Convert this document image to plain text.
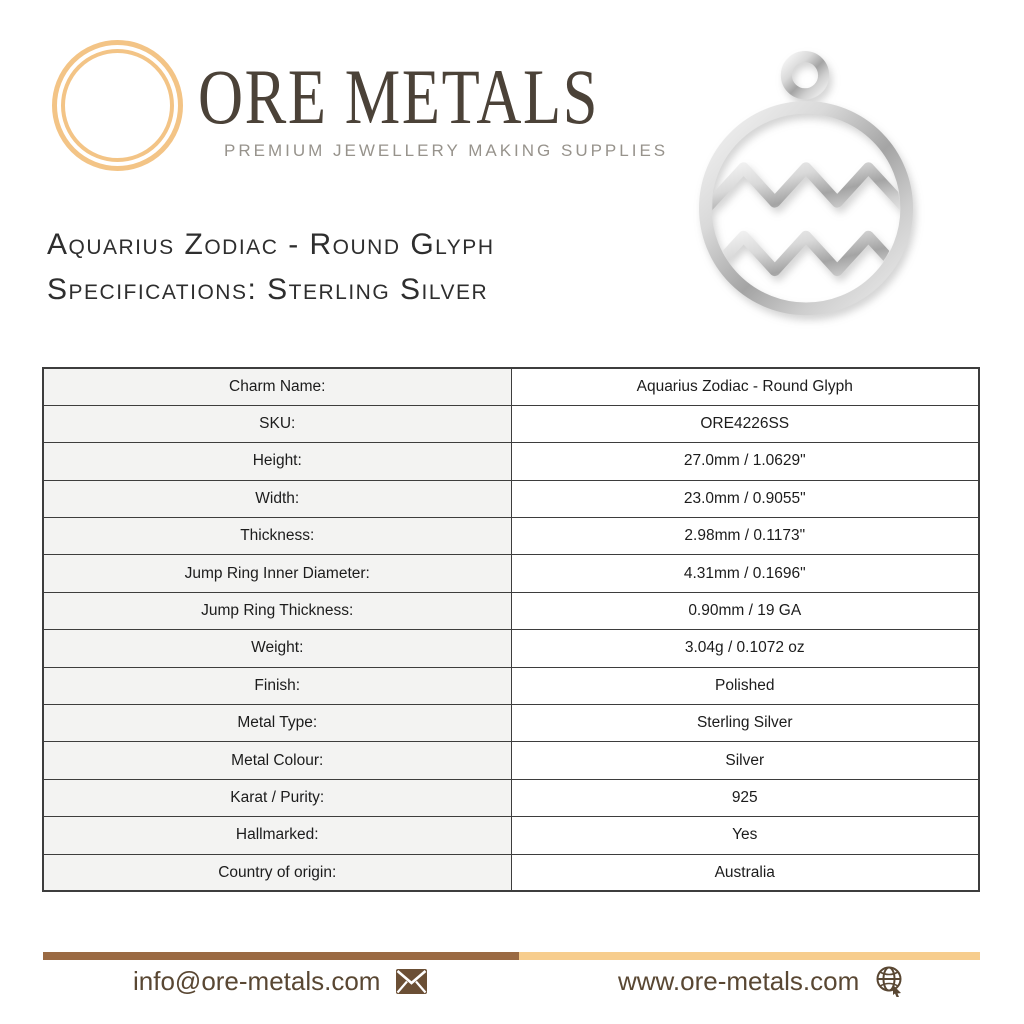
ORE METALS
PREMIUM JEWELLERY MAKING SUPPLIES
Aquarius Zodiac - Round Glyph
Specifications: Sterling Silver
Charm Name:	Aquarius Zodiac - Round Glyph
SKU:	ORE4226SS
Height:	27.0mm / 1.0629"
Width:	23.0mm / 0.9055"
Thickness:	2.98mm / 0.1173"
Jump Ring Inner Diameter:	4.31mm / 0.1696"
Jump Ring Thickness:	0.90mm / 19 GA
Weight:	3.04g / 0.1072 oz
Finish:	Polished
Metal Type:	Sterling Silver
Metal Colour:	Silver
Karat / Purity:	925
Hallmarked:	Yes
Country of origin:	Australia
info@ore-metals.com	www.ore-metals.com
